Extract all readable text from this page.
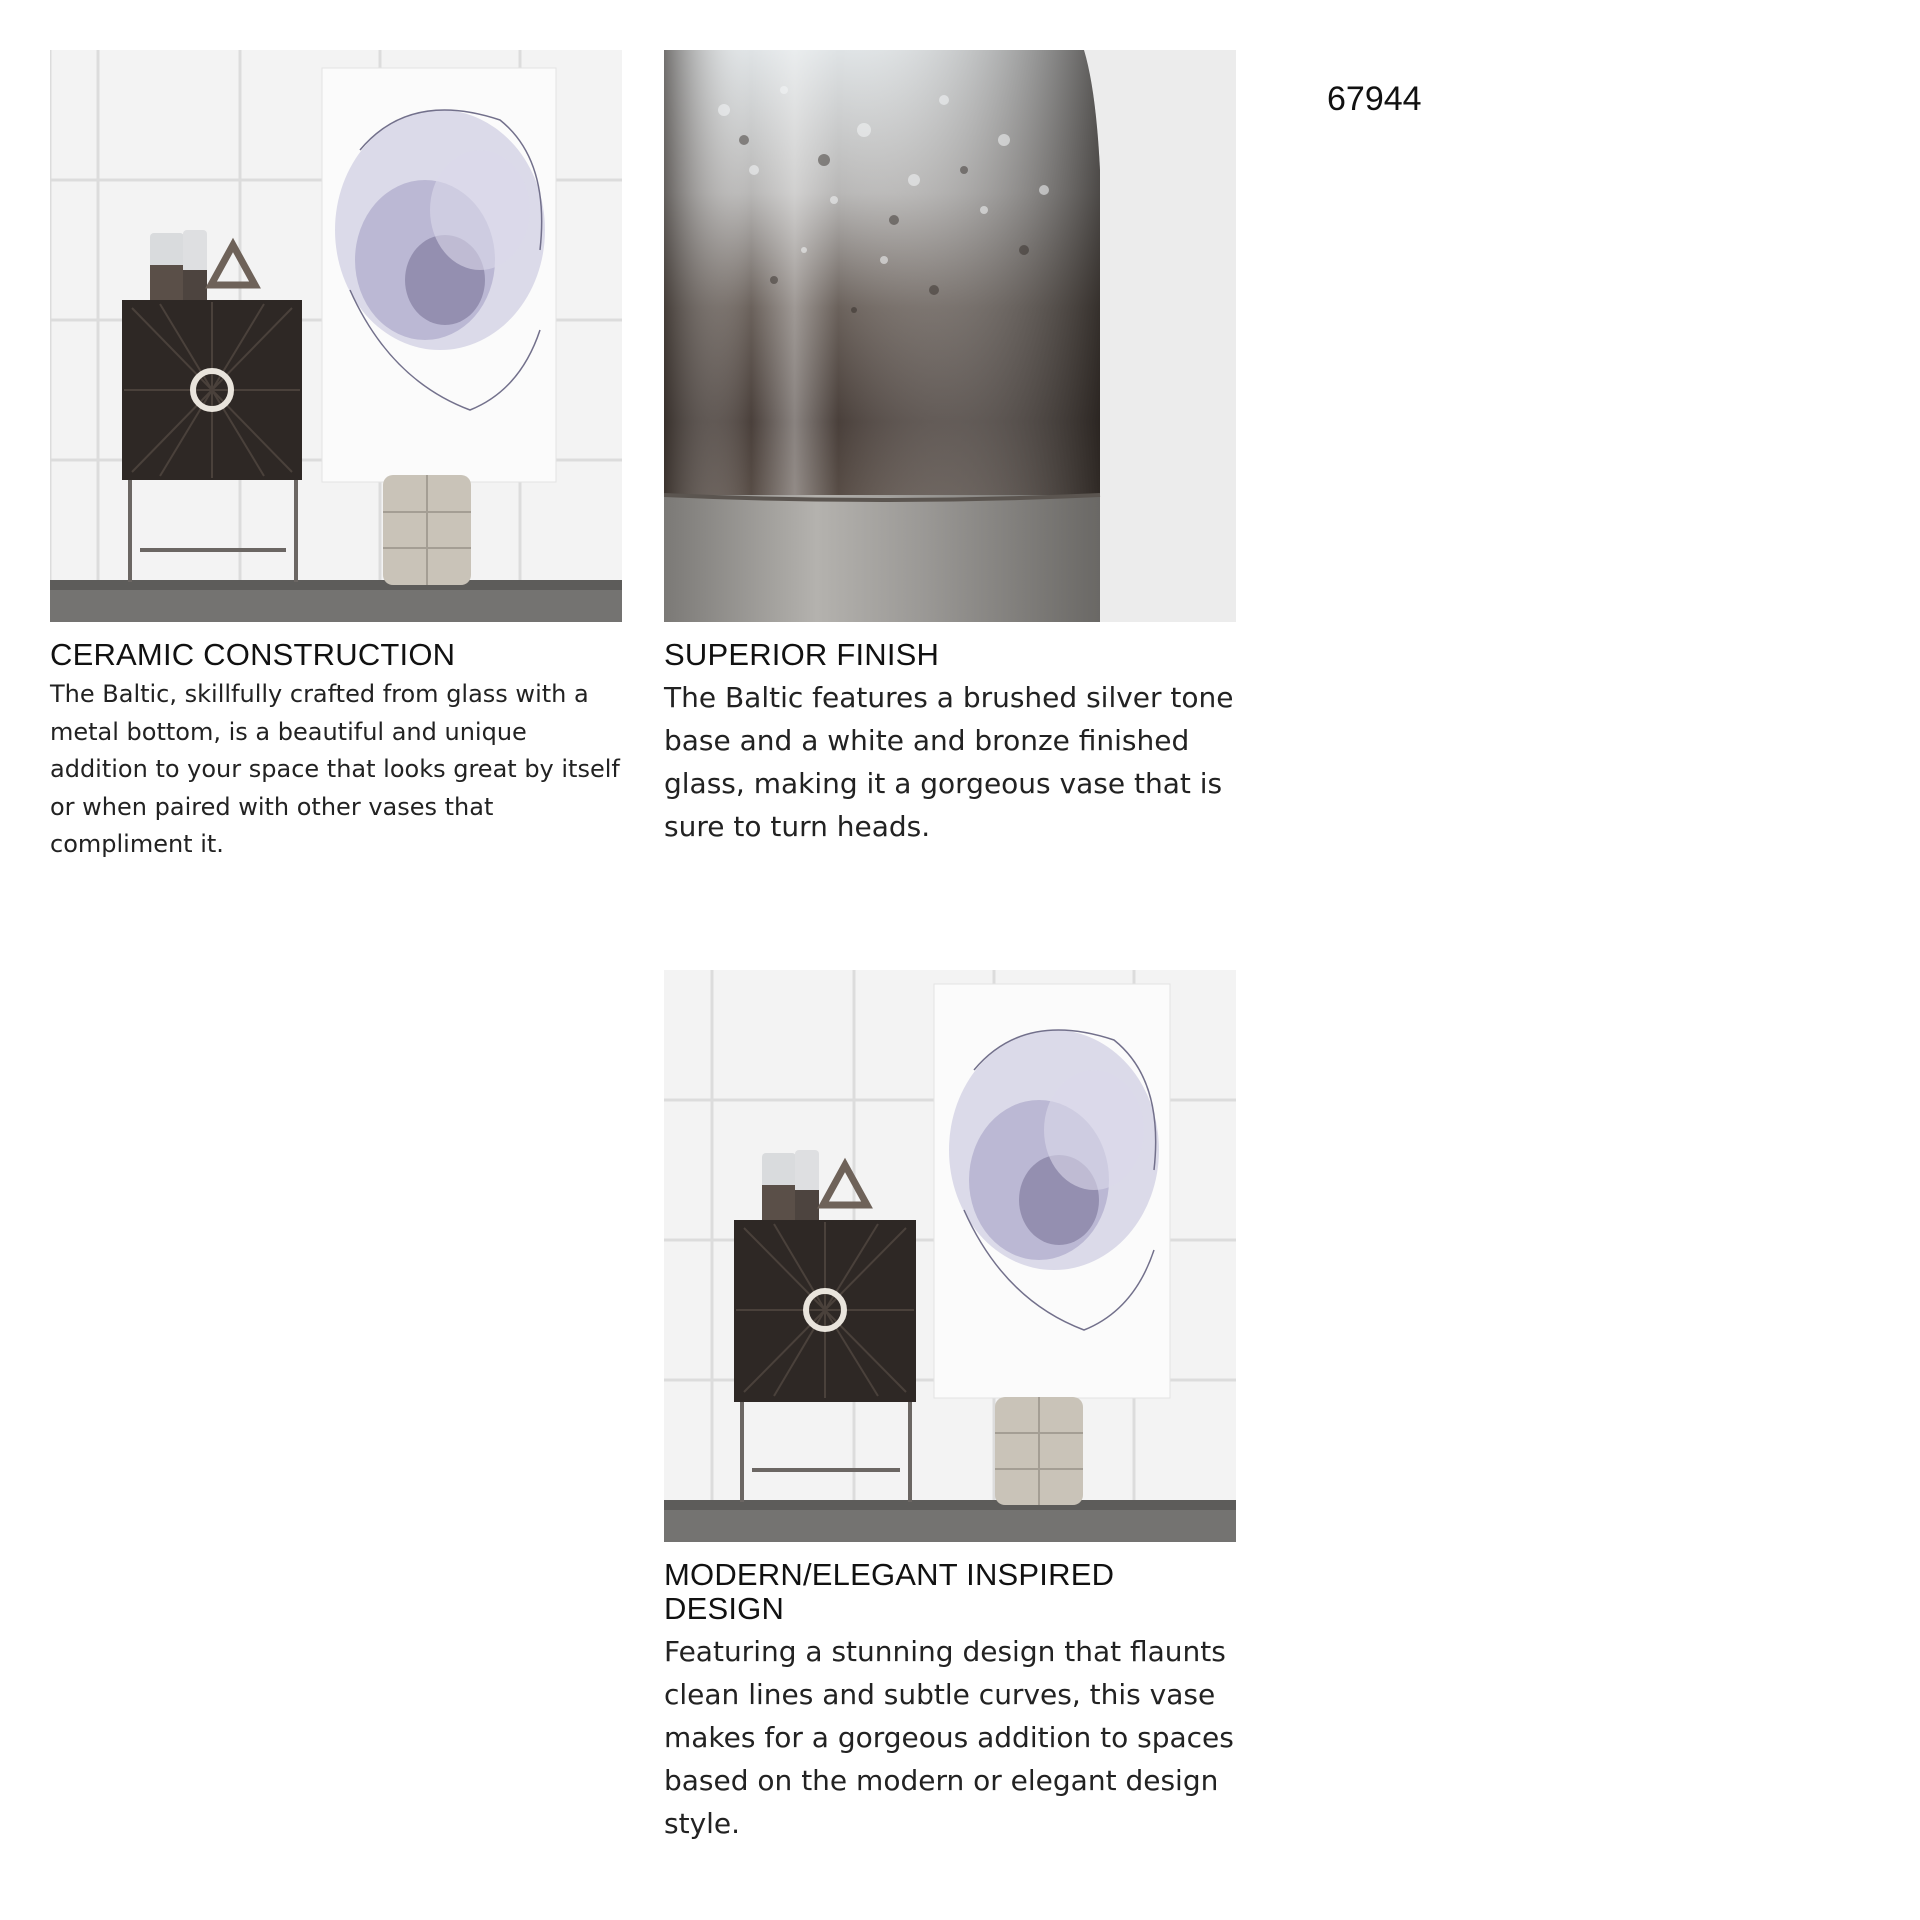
67944
CERAMIC CONSTRUCTION

The Baltic, skillfully crafted from glass with a metal bottom, is a beautiful and unique addition to your space that looks great by itself or when paired with other vases that compliment it.

SUPERIOR FINISH

The Baltic features a brushed silver tone base and a white and bronze finished glass, making it a gorgeous vase that is sure to turn heads.

MODERN/ELEGANT INSPIRED DESIGN

Featuring a stunning design that flaunts clean lines and subtle curves, this vase makes for a gorgeous addition to spaces based on the modern or elegant design style.
